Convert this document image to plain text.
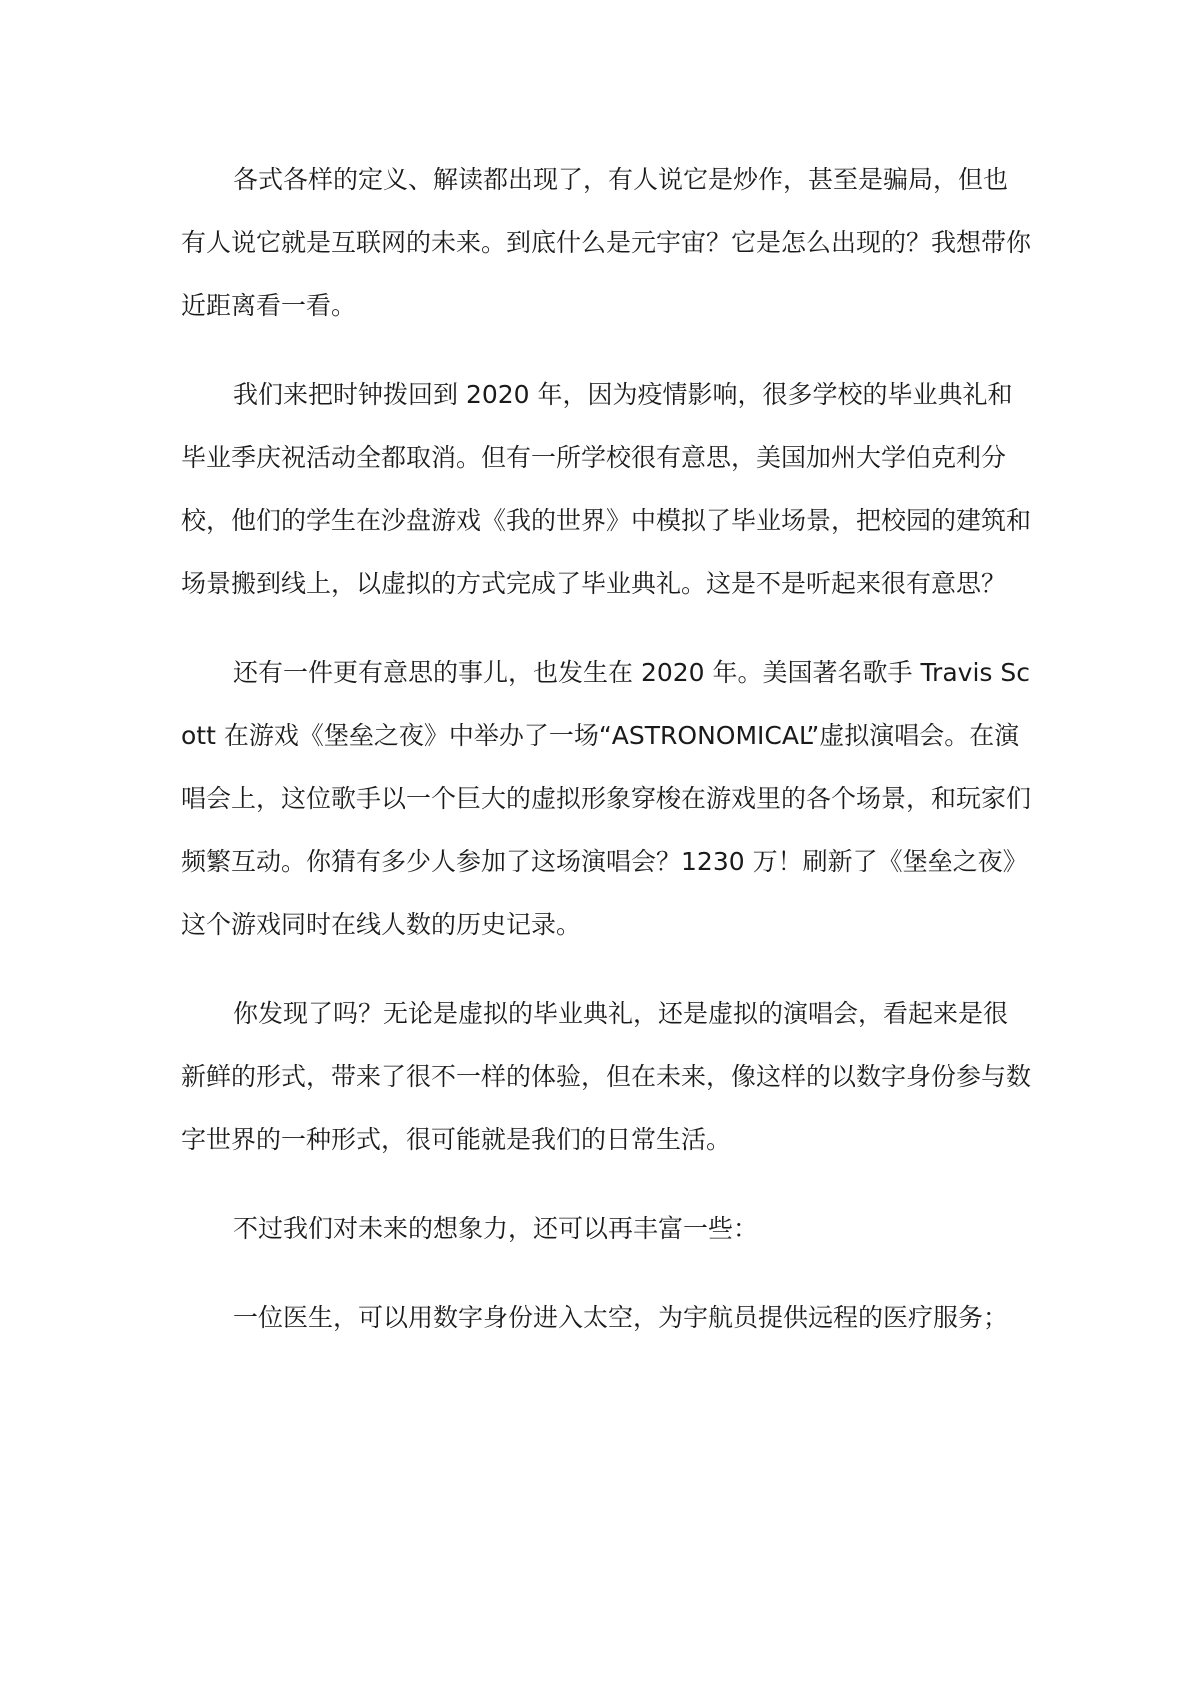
各式各样的定义、解读都出现了，有人说它是炒作，甚至是骗局，但也有人说它就是互联网的未来。到底什么是元宇宙？它是怎么出现的？我想带你近距离看一看。

我们来把时钟拨回到 2020 年，因为疫情影响，很多学校的毕业典礼和毕业季庆祝活动全都取消。但有一所学校很有意思，美国加州大学伯克利分校，他们的学生在沙盘游戏《我的世界》中模拟了毕业场景，把校园的建筑和场景搬到线上，以虚拟的方式完成了毕业典礼。这是不是听起来很有意思？

还有一件更有意思的事儿，也发生在 2020 年。美国著名歌手 Travis Scott 在游戏《堡垒之夜》中举办了一场“ASTRONOMICAL”虚拟演唱会。在演唱会上，这位歌手以一个巨大的虚拟形象穿梭在游戏里的各个场景，和玩家们频繁互动。你猜有多少人参加了这场演唱会？1230 万！刷新了《堡垒之夜》这个游戏同时在线人数的历史记录。

你发现了吗？无论是虚拟的毕业典礼，还是虚拟的演唱会，看起来是很新鲜的形式，带来了很不一样的体验，但在未来，像这样的以数字身份参与数字世界的一种形式，很可能就是我们的日常生活。

不过我们对未来的想象力，还可以再丰富一些：

一位医生，可以用数字身份进入太空，为宇航员提供远程的医疗服务；
